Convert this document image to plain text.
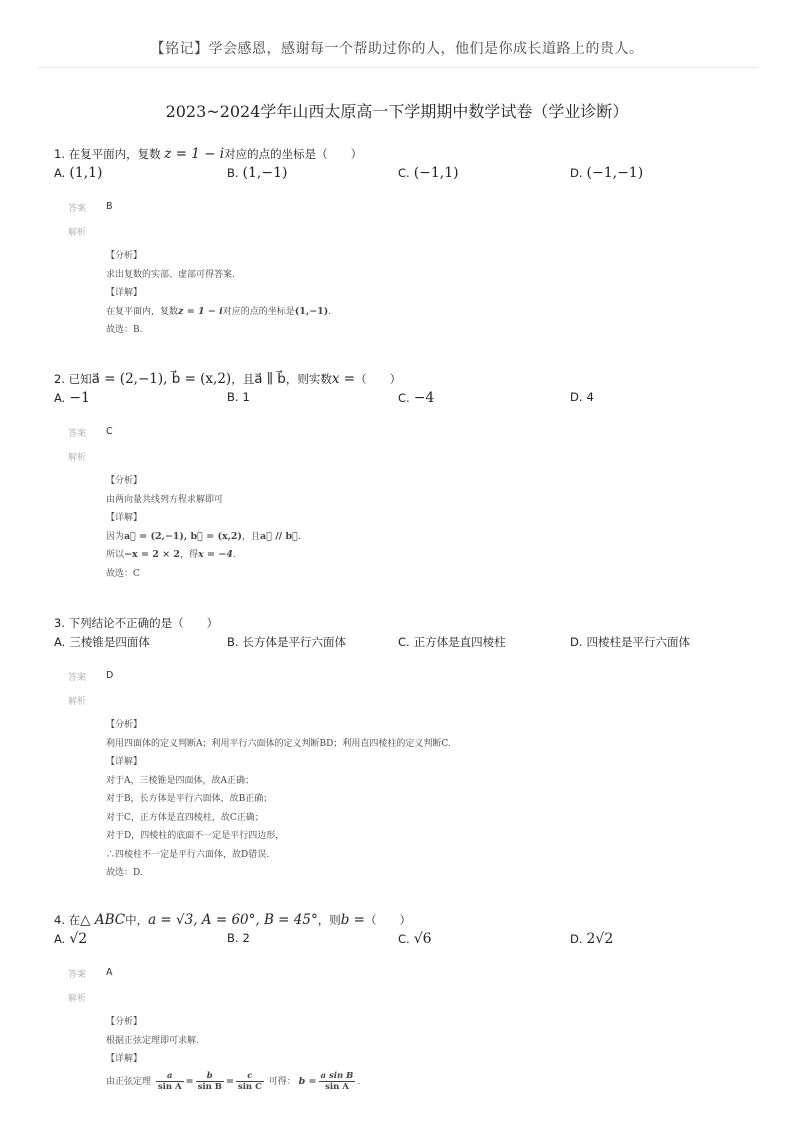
【铭记】学会感恩，感谢每一个帮助过你的人，他们是你成长道路上的贵人。
2023~2024学年山西太原高一下学期期中数学试卷（学业诊断）
1. 在复平面内，复数 z = 1 − i对应的点的坐标是（　　）
A. (1,1)	B. (1,−1)	C. (−1,1)	D. (−1,−1)
答案 B
解析
【分析】
求出复数的实部、虚部可得答案.
【详解】
在复平面内，复数z = 1 − i对应的点的坐标是(1,−1).
故选：B.
2. 已知a⃗ = (2,−1), b⃗ = (x,2)，且a⃗ ∥ b⃗，则实数x =（　　）
A. −1	B. 1	C. −4	D. 4
答案 C
解析
【分析】
由两向量共线列方程求解即可
【详解】
因为a⃗ = (2,−1), b⃗ = (x,2)，且a⃗ // b⃗.
所以−x = 2 × 2，得x = −4.
故选：C
3. 下列结论不正确的是（　　）
A. 三棱锥是四面体	B. 长方体是平行六面体	C. 正方体是直四棱柱	D. 四棱柱是平行六面体
答案 D
解析
【分析】
利用四面体的定义判断A；利用平行六面体的定义判断BD；利用直四棱柱的定义判断C.
【详解】
对于A，三棱锥是四面体，故A正确；
对于B，长方体是平行六面体，故B正确；
对于C，正方体是直四棱柱，故C正确；
对于D，四棱柱的底面不一定是平行四边形，
∴四棱柱不一定是平行六面体，故D错误.
故选：D.
4. 在△ ABC中，a = √3, A = 60°, B = 45°，则b =（　　）
A. √2	B. 2	C. √6	D. 2√2
答案 A
解析
【分析】
根据正弦定理即可求解.
【详解】
由正弦定理 $\frac{a}{\text{sin A}} = \frac{b}{\text{sin B}} = \frac{c}{\text{sin C}}$ 可得： $b = \frac{\text{a sin B}}{\text{sin A}}$ .
